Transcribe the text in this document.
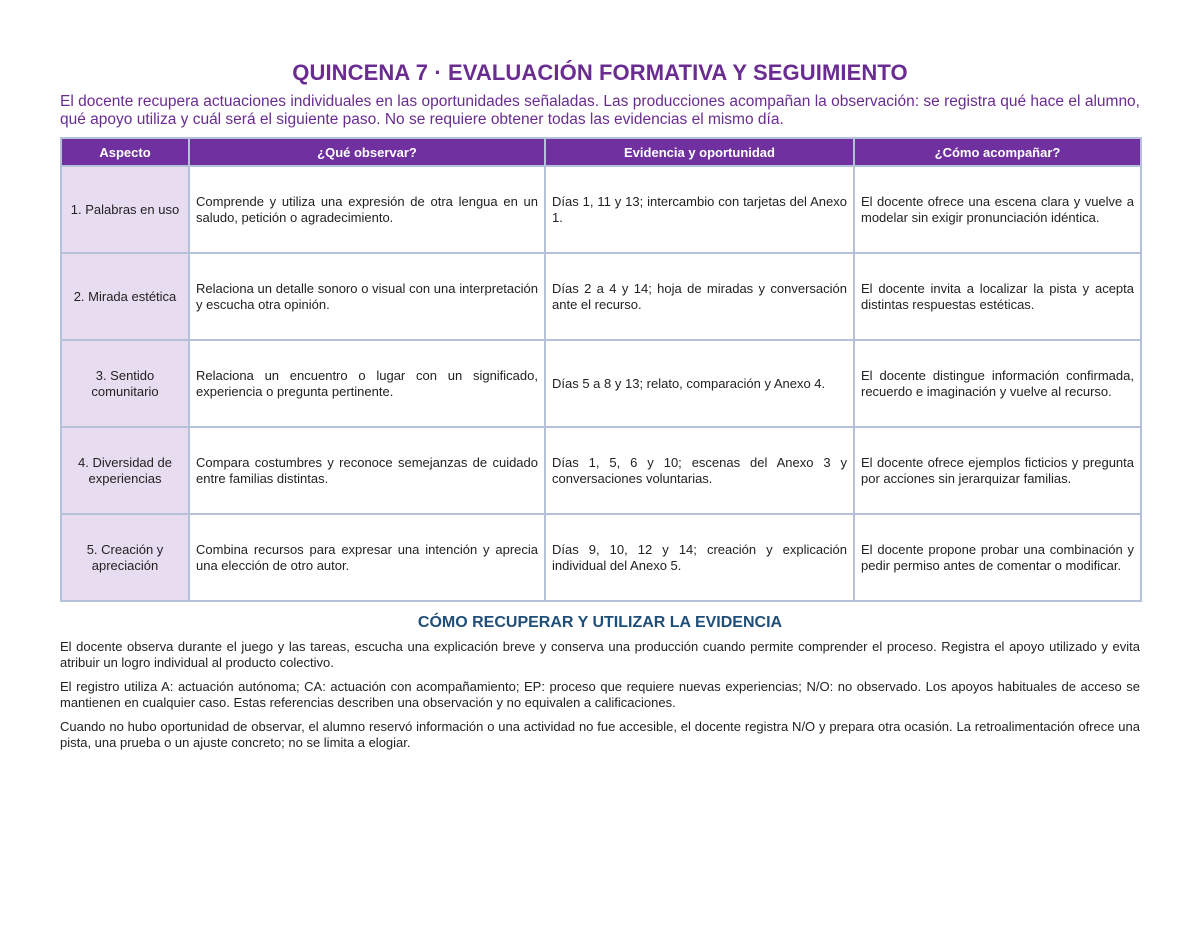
QUINCENA 7 · EVALUACIÓN FORMATIVA Y SEGUIMIENTO

El docente recupera actuaciones individuales en las oportunidades señaladas. Las producciones acompañan la observación: se registra qué hace el alumno, qué apoyo utiliza y cuál será el siguiente paso. No se requiere obtener todas las evidencias el mismo día.

Aspecto	¿Qué observar?	Evidencia y oportunidad	¿Cómo acompañar?
1. Palabras en uso	Comprende y utiliza una expresión de otra lengua en un saludo, petición o agradecimiento.	Días 1, 11 y 13; intercambio con tarjetas del Anexo 1.	El docente ofrece una escena clara y vuelve a modelar sin exigir pronunciación idéntica.
2. Mirada estética	Relaciona un detalle sonoro o visual con una interpretación y escucha otra opinión.	Días 2 a 4 y 14; hoja de miradas y conversación ante el recurso.	El docente invita a localizar la pista y acepta distintas respuestas estéticas.
3. Sentido comunitario	Relaciona un encuentro o lugar con un significado, experiencia o pregunta pertinente.	Días 5 a 8 y 13; relato, comparación y Anexo 4.	El docente distingue información confirmada, recuerdo e imaginación y vuelve al recurso.
4. Diversidad de experiencias	Compara costumbres y reconoce semejanzas de cuidado entre familias distintas.	Días 1, 5, 6 y 10; escenas del Anexo 3 y conversaciones voluntarias.	El docente ofrece ejemplos ficticios y pregunta por acciones sin jerarquizar familias.
5. Creación y apreciación	Combina recursos para expresar una intención y aprecia una elección de otro autor.	Días 9, 10, 12 y 14; creación y explicación individual del Anexo 5.	El docente propone probar una combinación y pedir permiso antes de comentar o modificar.
CÓMO RECUPERAR Y UTILIZAR LA EVIDENCIA

El docente observa durante el juego y las tareas, escucha una explicación breve y conserva una producción cuando permite comprender el proceso. Registra el apoyo utilizado y evita atribuir un logro individual al producto colectivo.

El registro utiliza A: actuación autónoma; CA: actuación con acompañamiento; EP: proceso que requiere nuevas experiencias; N/O: no observado. Los apoyos habituales de acceso se mantienen en cualquier caso. Estas referencias describen una observación y no equivalen a calificaciones.

Cuando no hubo oportunidad de observar, el alumno reservó información o una actividad no fue accesible, el docente registra N/O y prepara otra ocasión. La retroalimentación ofrece una pista, una prueba o un ajuste concreto; no se limita a elogiar.
